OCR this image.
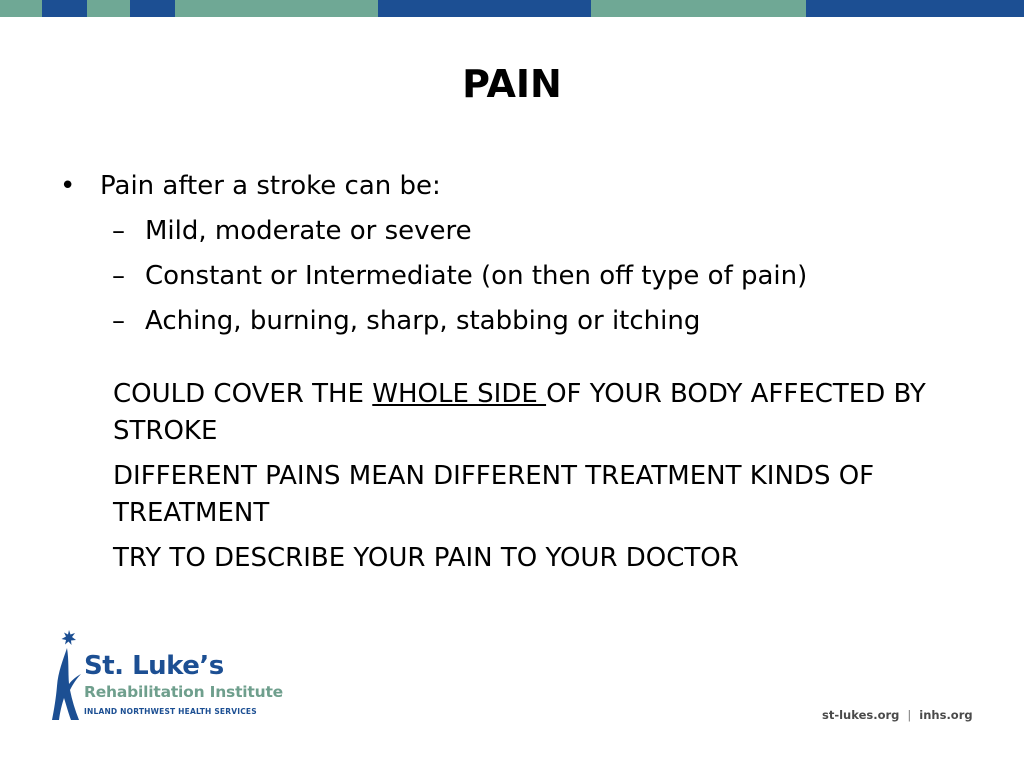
PAIN
• Pain after a stroke can be:
– Mild, moderate or severe
– Constant or Intermediate (on then off type of pain)
– Aching, burning, sharp, stabbing or itching
COULD COVER THE WHOLE SIDE OF YOUR BODY AFFECTED BY STROKE
DIFFERENT PAINS MEAN DIFFERENT TREATMENT KINDS OF TREATMENT
TRY TO DESCRIBE YOUR PAIN TO YOUR DOCTOR
St. Luke’s
Rehabilitation Institute
INLAND NORTHWEST HEALTH SERVICES	st-lukes.org | inhs.org
